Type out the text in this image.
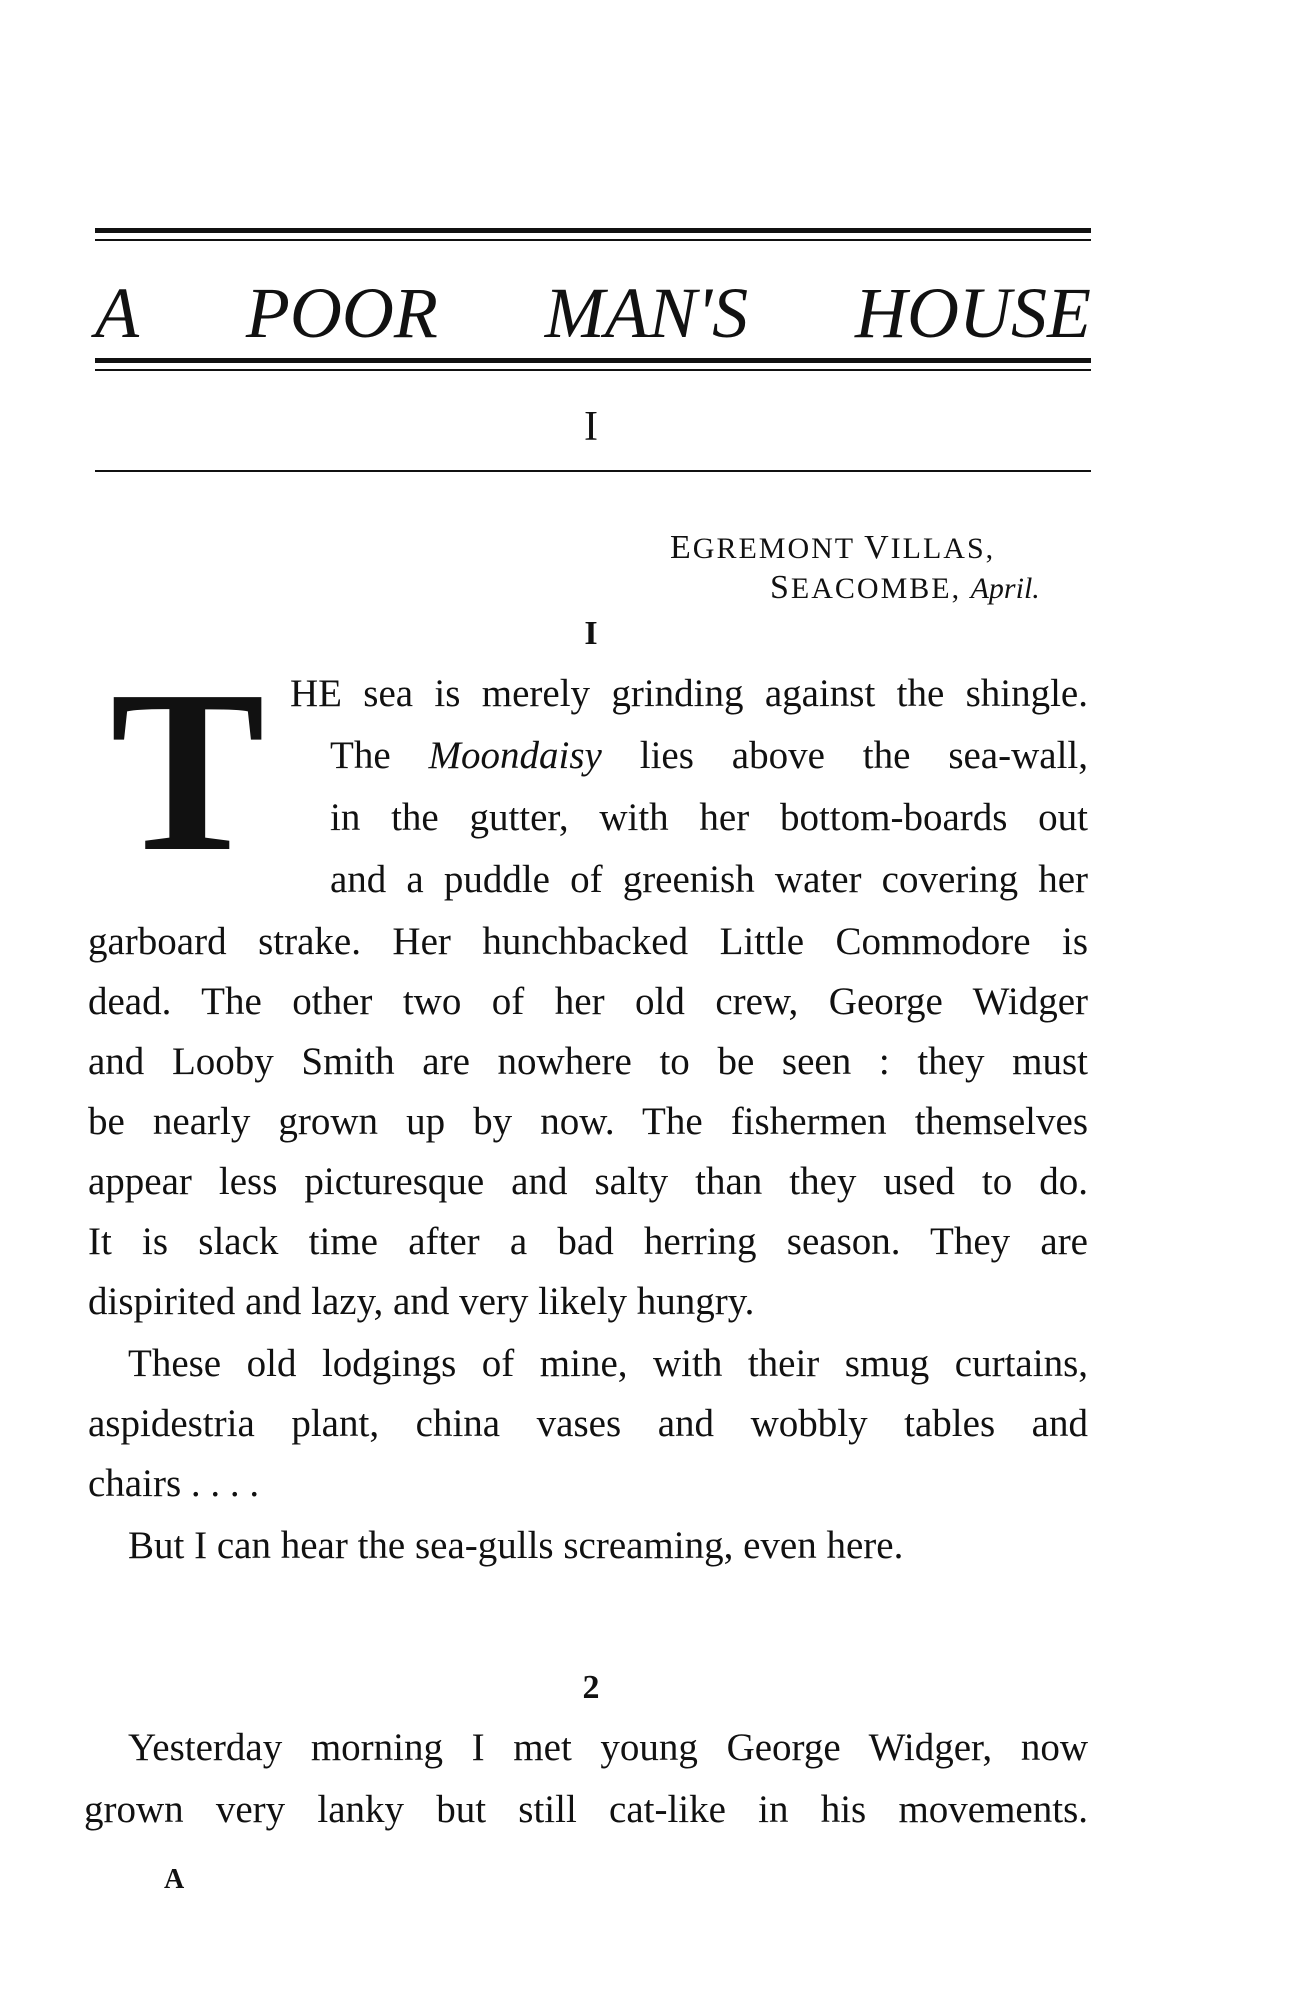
A POOR MAN'S HOUSE
I
EGREMONT VILLAS,
SEACOMBE, April.
I
T HE sea is merely grinding against the shingle.
The Moondaisy lies above the sea-wall,
in the gutter, with her bottom-boards out
and a puddle of greenish water covering her
garboard strake. Her hunchbacked Little Commodore is
dead. The other two of her old crew, George Widger
and Looby Smith are nowhere to be seen : they must
be nearly grown up by now. The fishermen themselves
appear less picturesque and salty than they used to do.
It is slack time after a bad herring season. They are
dispirited and lazy, and very likely hungry.
These old lodgings of mine, with their smug curtains,
aspidestria plant, china vases and wobbly tables and
chairs . . . .
But I can hear the sea-gulls screaming, even here.
2
Yesterday morning I met young George Widger, now
grown very lanky but still cat-like in his movements.
A
